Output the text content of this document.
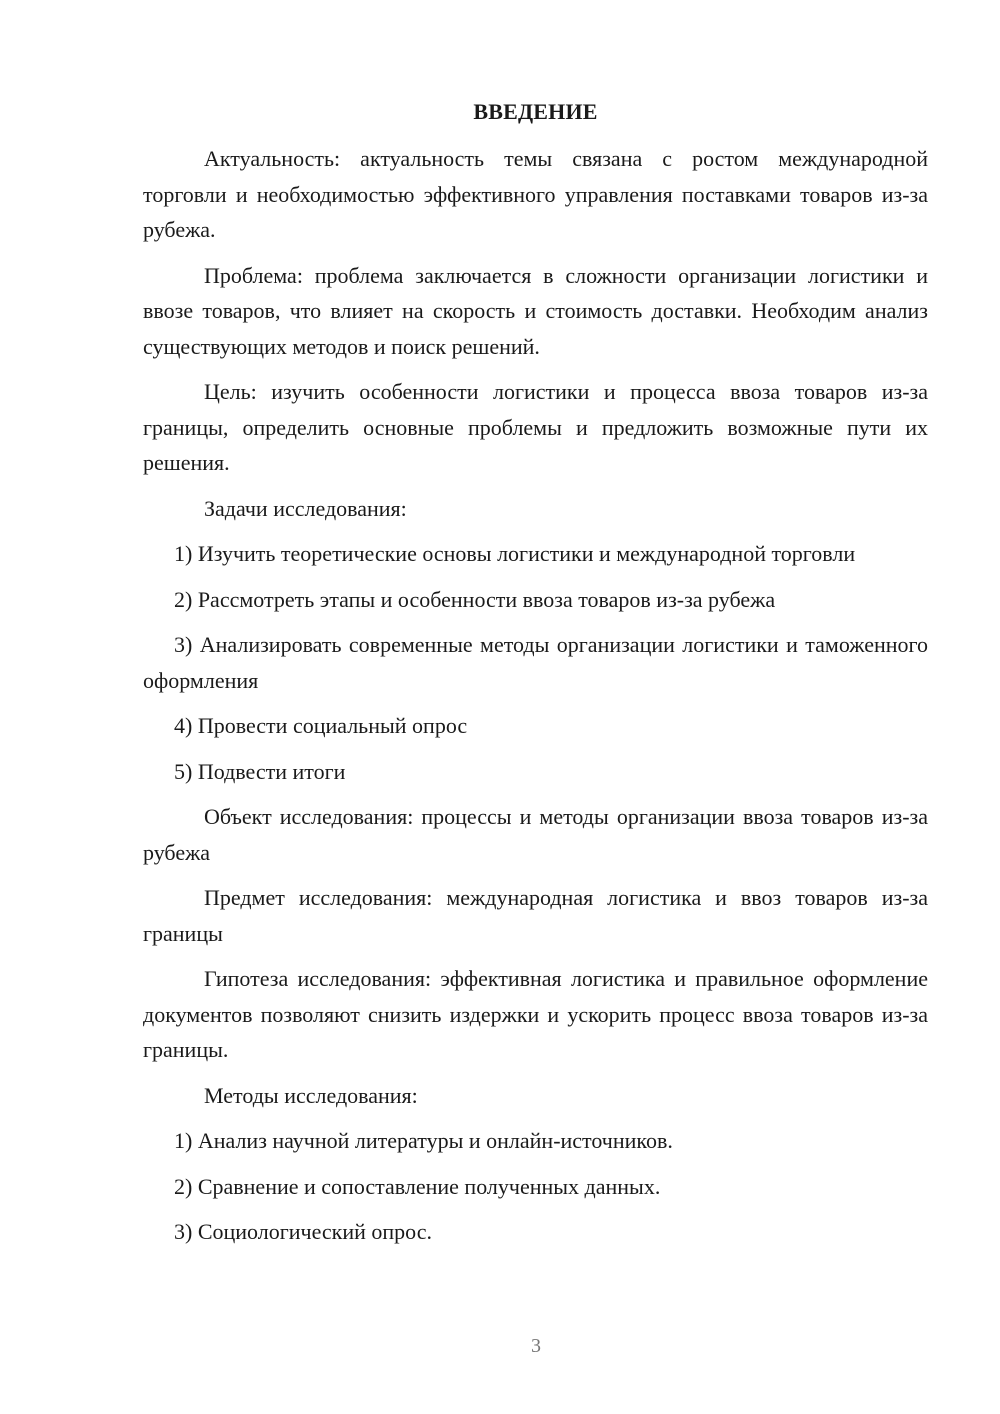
ВВЕДЕНИЕ

Актуальность: актуальность темы связана с ростом международной торговли и необходимостью эффективного управления поставками товаров из-за рубежа.

Проблема: проблема заключается в сложности организации логистики и ввозе товаров, что влияет на скорость и стоимость доставки. Необходим анализ существующих методов и поиск решений.

Цель: изучить особенности логистики и процесса ввоза товаров из-за границы, определить основные проблемы и предложить возможные пути их решения.

Задачи исследования:

1) Изучить теоретические основы логистики и международной торговли

2) Рассмотреть этапы и особенности ввоза товаров из-за рубежа

3) Анализировать современные методы организации логистики и таможенного оформления

4) Провести социальный опрос

5) Подвести итоги

Объект исследования: процессы и методы организации ввоза товаров из-за рубежа

Предмет исследования: международная логистика и ввоз товаров из-за границы

Гипотеза исследования: эффективная логистика и правильное оформление документов позволяют снизить издержки и ускорить процесс ввоза товаров из-за границы.

Методы исследования:

1) Анализ научной литературы и онлайн-источников.

2) Сравнение и сопоставление полученных данных.

3) Социологический опрос.

3
